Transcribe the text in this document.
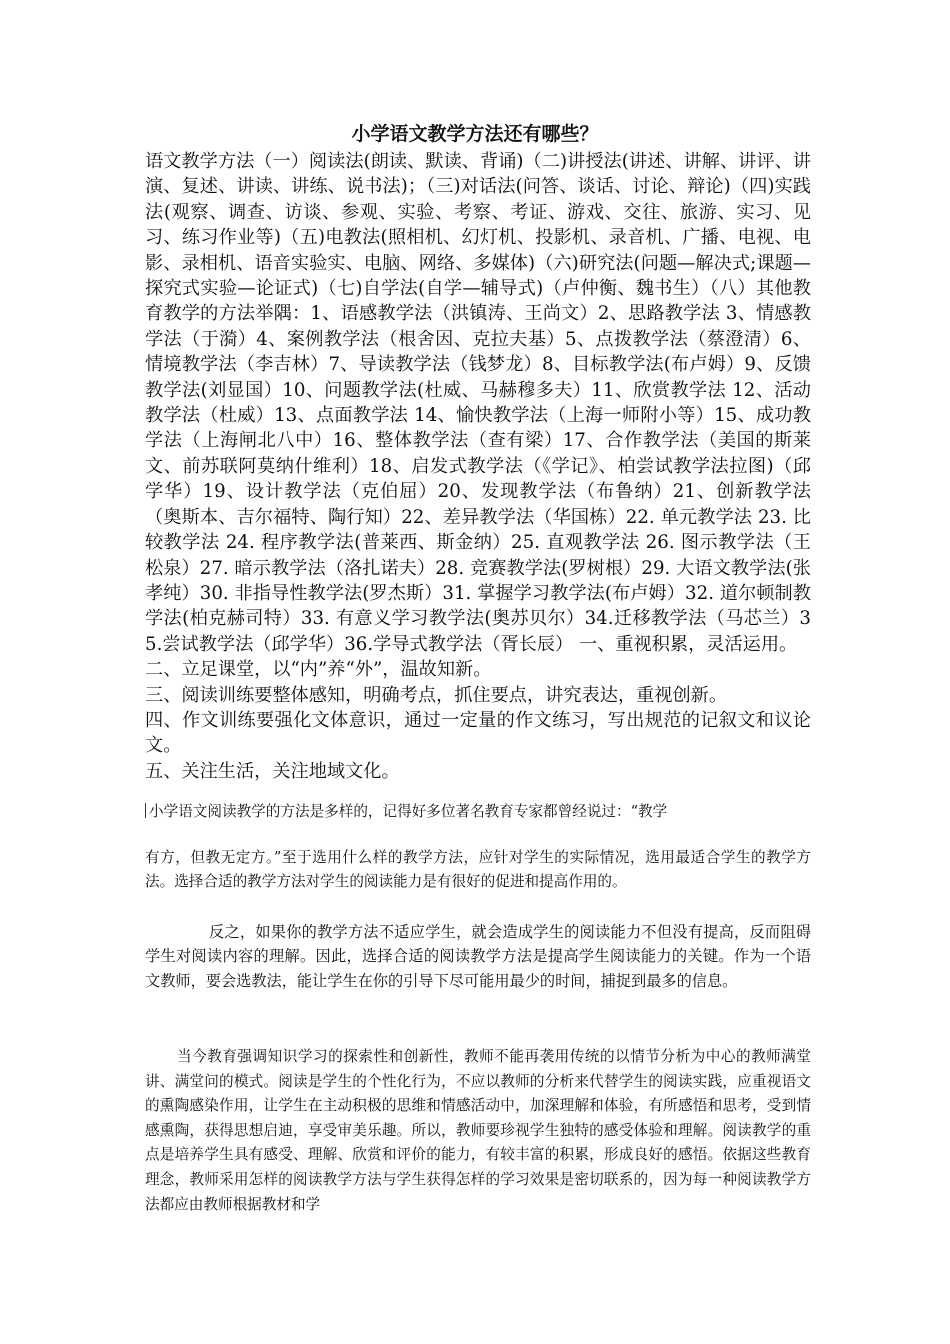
小学语文教学方法还有哪些？

语文教学方法（一）阅读法(朗读、默读、背诵)（二)讲授法(讲述、讲解、讲评、讲演、复述、讲读、讲练、说书法)；（三)对话法(问答、谈话、讨论、辩论)（四)实践法(观察、调查、访谈、参观、实验、考察、考证、游戏、交往、旅游、实习、见习、练习作业等)（五)电教法(照相机、幻灯机、投影机、录音机、广播、电视、电影、录相机、语音实验实、电脑、网络、多媒体)（六)研究法(问题—解决式;课题—探究式实验—论证式)（七)自学法(自学—辅导式)（卢仲衡、魏书生）（八）其他教育教学的方法举隅：1、语感教学法（洪镇涛、王尚文）2、思路教学法 3、情感教学法（于漪）4、案例教学法（根舍因、克拉夫基）5、点拨教学法（蔡澄清）6、情境教学法（李吉林）7、导读教学法（钱梦龙）8、目标教学法(布卢姆）9、反馈教学法(刘显国）10、问题教学法(杜威、马赫穆多夫）11、欣赏教学法 12、活动教学法（杜威）13、点面教学法 14、愉快教学法（上海一师附小等）15、成功教学法（上海闸北八中）16、整体教学法（查有梁）17、合作教学法（美国的斯莱文、前苏联阿莫纳什维利）18、启发式教学法（《学记》、柏尝试教学法拉图)（邱学华）19、设计教学法（克伯屈）20、发现教学法（布鲁纳）21、创新教学法（奥斯本、吉尔福特、陶行知）22、差异教学法（华国栋）22. 单元教学法 23. 比较教学法 24. 程序教学法(普莱西、斯金纳）25. 直观教学法 26. 图示教学法（王松泉）27. 暗示教学法（洛扎诺夫）28. 竞赛教学法(罗树根）29. 大语文教学法(张孝纯）30. 非指导性教学法(罗杰斯）31. 掌握学习教学法(布卢姆）32. 道尔顿制教学法(柏克赫司特）33. 有意义学习教学法(奥苏贝尔）34.迁移教学法（马芯兰）35.尝试教学法（邱学华）36.学导式教学法（胥长辰） 一、重视积累，灵活运用。

二、立足课堂，以“内”养“外”，温故知新。

三、阅读训练要整体感知，明确考点，抓住要点，讲究表达，重视创新。

四、作文训练要强化文体意识，通过一定量的作文练习，写出规范的记叙文和议论文。

五、关注生活，关注地域文化。

小学语文阅读教学的方法是多样的，记得好多位著名教育专家都曾经说过：“教学

有方，但教无定方。”至于选用什么样的教学方法，应针对学生的实际情况，选用最适合学生的教学方法。选择合适的教学方法对学生的阅读能力是有很好的促进和提高作用的。

反之，如果你的教学方法不适应学生，就会造成学生的阅读能力不但没有提高，反而阻碍学生对阅读内容的理解。因此，选择合适的阅读教学方法是提高学生阅读能力的关键。作为一个语文教师，要会选教法，能让学生在你的引导下尽可能用最少的时间，捕捉到最多的信息。

当今教育强调知识学习的探索性和创新性，教师不能再袭用传统的以情节分析为中心的教师满堂讲、满堂问的模式。阅读是学生的个性化行为，不应以教师的分析来代替学生的阅读实践，应重视语文的熏陶感染作用，让学生在主动积极的思维和情感活动中，加深理解和体验，有所感悟和思考，受到情感熏陶，获得思想启迪，享受审美乐趣。所以，教师要珍视学生独特的感受体验和理解。阅读教学的重点是培养学生具有感受、理解、欣赏和评价的能力，有较丰富的积累，形成良好的感悟。依据这些教育理念，教师采用怎样的阅读教学方法与学生获得怎样的学习效果是密切联系的，因为每一种阅读教学方法都应由教师根据教材和学
